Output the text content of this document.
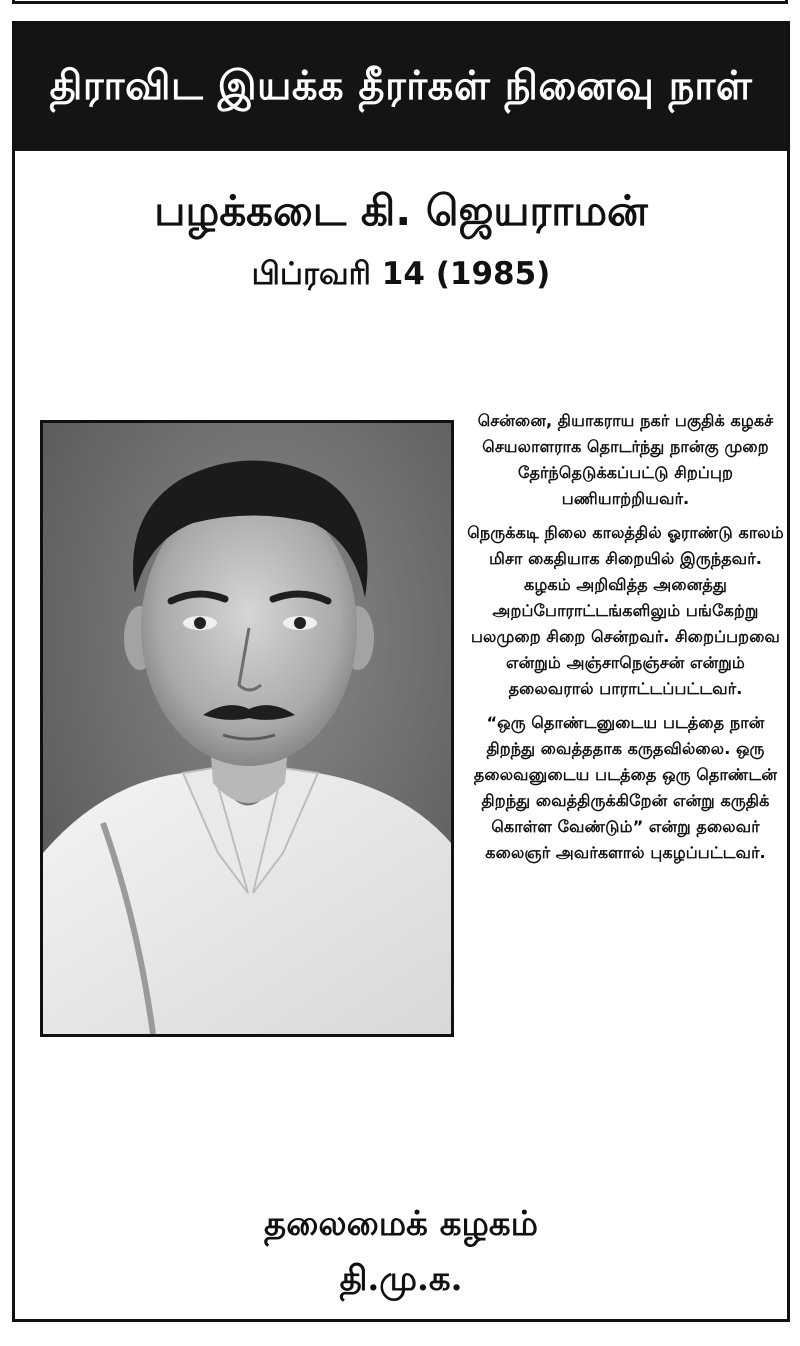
திராவிட இயக்க தீரர்கள் நினைவு நாள்
பழக்கடை கி. ஜெயராமன்
பிப்ரவரி 14 (1985)

சென்னை, தியாகராய நகர் பகுதிக் கழகச் செயலாளராக தொடர்ந்து நான்கு முறை தேர்ந்தெடுக்கப்பட்டு சிறப்புற பணியாற்றியவர்.

நெருக்கடி நிலை காலத்தில் ஓராண்டு காலம் மிசா கைதியாக சிறையில் இருந்தவர். கழகம் அறிவித்த அனைத்து அறப்போராட்டங்களிலும் பங்கேற்று பலமுறை சிறை சென்றவர். சிறைப்பறவை என்றும் அஞ்சாநெஞ்சன் என்றும் தலைவரால் பாராட்டப்பட்டவர்.

“ஒரு தொண்டனுடைய படத்தை நான் திறந்து வைத்ததாக கருதவில்லை. ஒரு தலைவனுடைய படத்தை ஒரு தொண்டன் திறந்து வைத்திருக்கிறேன் என்று கருதிக் கொள்ள வேண்டும்” என்று தலைவர் கலைஞர் அவர்களால் புகழப்பட்டவர்.

தலைமைக் கழகம்
தி.மு.க.
